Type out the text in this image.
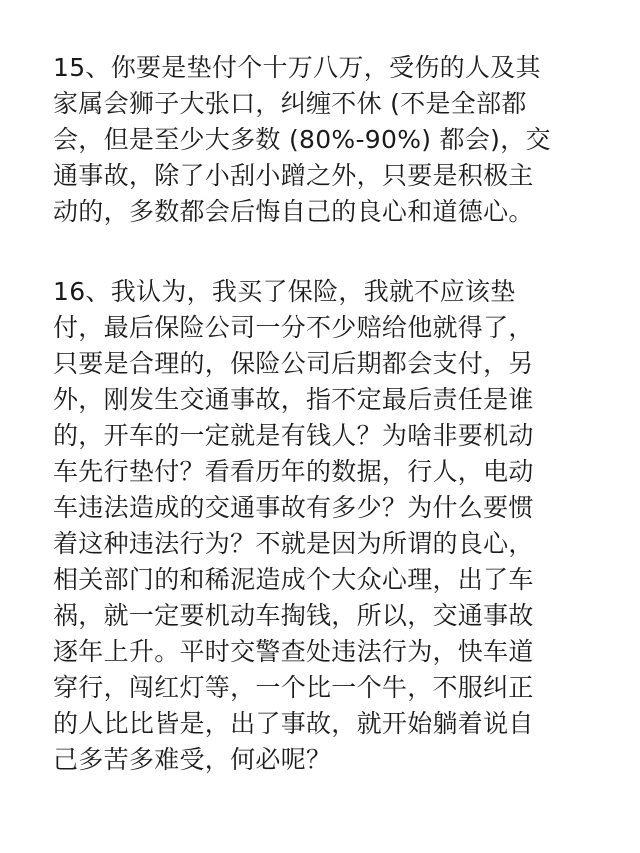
15、你要是垫付个十万八万，受伤的人及其
家属会狮子大张口，纠缠不休 (不是全部都
会，但是至少大多数 (80%-90%) 都会)，交
通事故，除了小刮小蹭之外，只要是积极主
动的，多数都会后悔自己的良心和道德心。
16、我认为，我买了保险，我就不应该垫
付，最后保险公司一分不少赔给他就得了，
只要是合理的，保险公司后期都会支付，另
外，刚发生交通事故，指不定最后责任是谁
的，开车的一定就是有钱人？为啥非要机动
车先行垫付？看看历年的数据，行人，电动
车违法造成的交通事故有多少？为什么要惯
着这种违法行为？不就是因为所谓的良心，
相关部门的和稀泥造成个大众心理，出了车
祸，就一定要机动车掏钱，所以，交通事故
逐年上升。平时交警查处违法行为，快车道
穿行，闯红灯等，一个比一个牛，不服纠正
的人比比皆是，出了事故，就开始躺着说自
己多苦多难受，何必呢？
